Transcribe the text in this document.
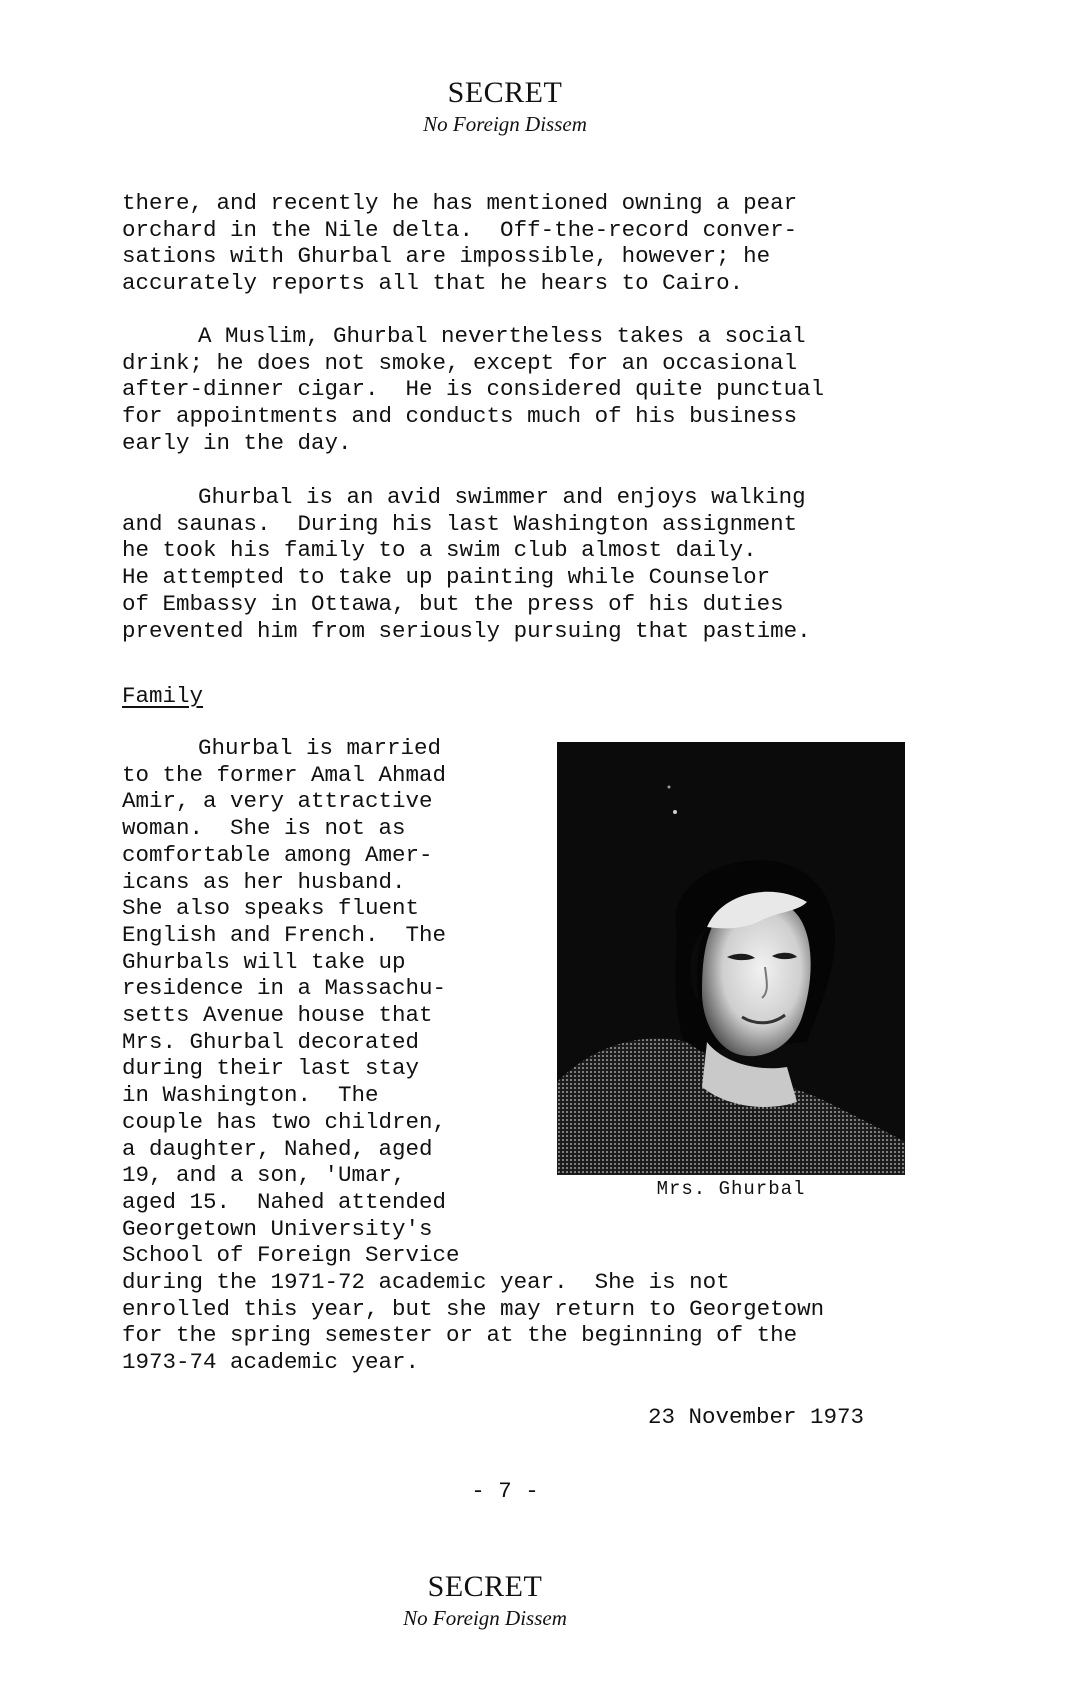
SECRET
No Foreign Dissem
there, and recently he has mentioned owning a pear
orchard in the Nile delta.  Off-the-record conver-
sations with Ghurbal are impossible, however; he
accurately reports all that he hears to Cairo.
A Muslim, Ghurbal nevertheless takes a social
drink; he does not smoke, except for an occasional
after-dinner cigar.  He is considered quite punctual
for appointments and conducts much of his business
early in the day.
Ghurbal is an avid swimmer and enjoys walking
and saunas.  During his last Washington assignment
he took his family to a swim club almost daily.
He attempted to take up painting while Counselor
of Embassy in Ottawa, but the press of his duties
prevented him from seriously pursuing that pastime.
Family
Ghurbal is married
to the former Amal Ahmad
Amir, a very attractive
woman.  She is not as
comfortable among Amer-
icans as her husband.
She also speaks fluent
English and French.  The
Ghurbals will take up
residence in a Massachu-
setts Avenue house that
Mrs. Ghurbal decorated
during their last stay
in Washington.  The
couple has two children,
a daughter, Nahed, aged
19, and a son, 'Umar,
aged 15.  Nahed attended
Georgetown University's
School of Foreign Service
during the 1971-72 academic year.  She is not
enrolled this year, but she may return to Georgetown
for the spring semester or at the beginning of the
1973-74 academic year.
Mrs. Ghurbal
23 November 1973
- 7 -
SECRET
No Foreign Dissem
